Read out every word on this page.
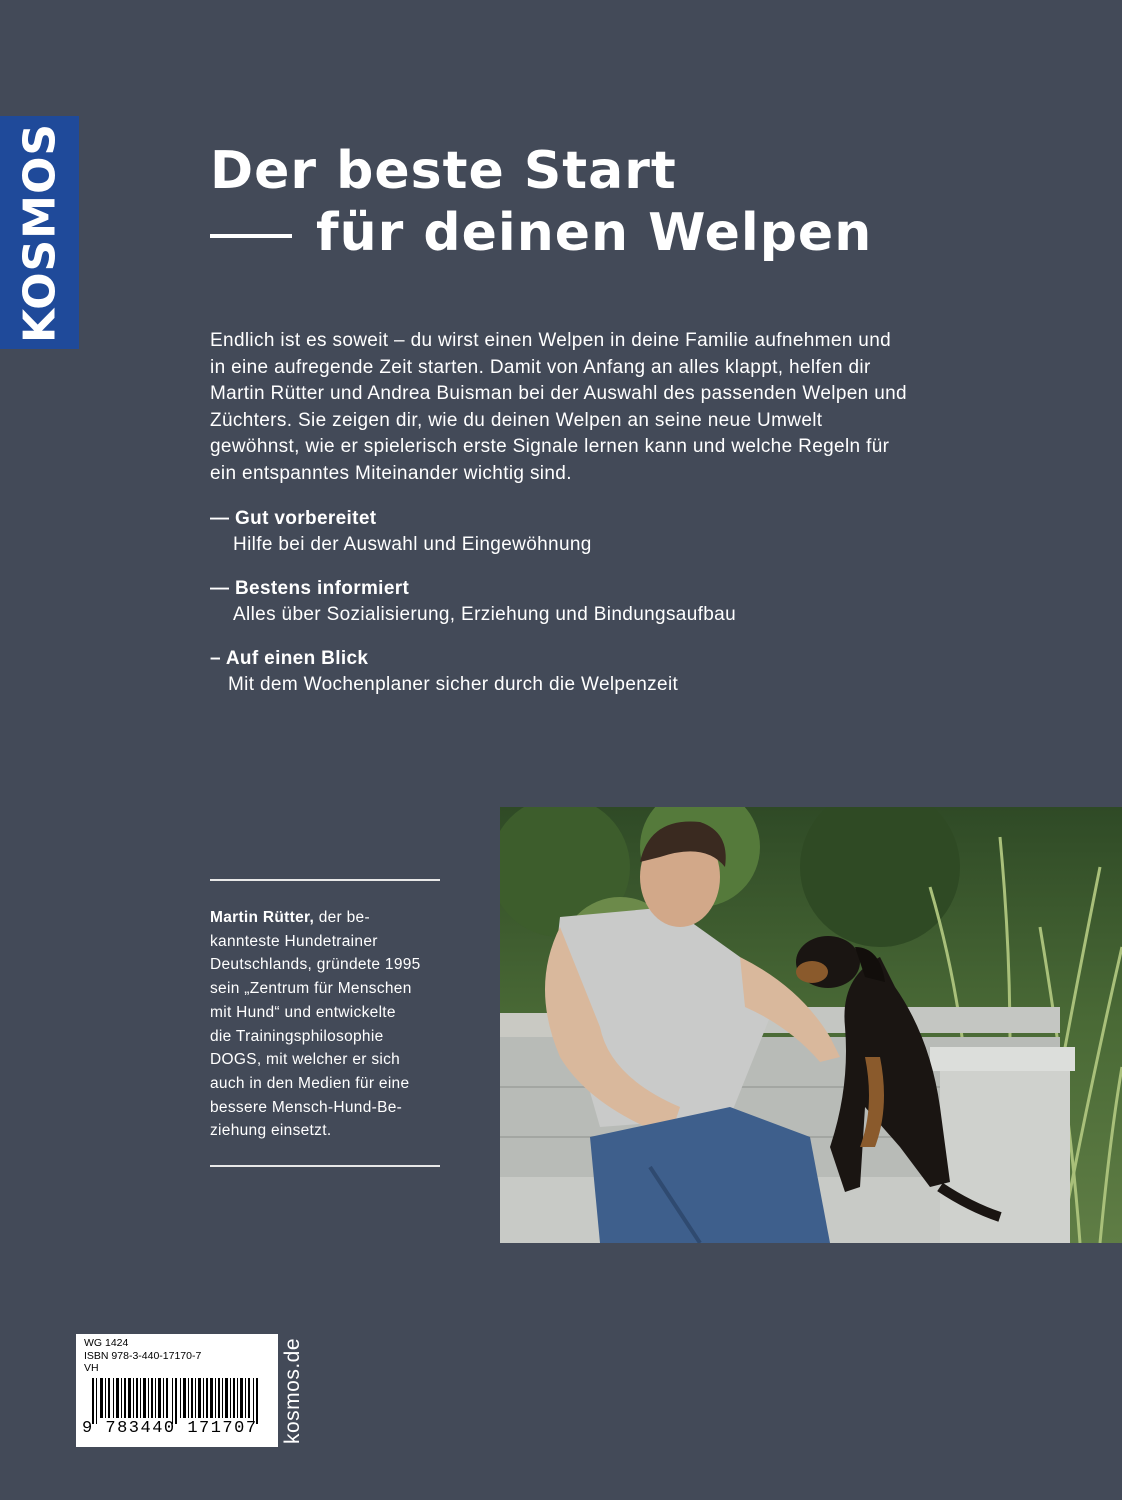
KOSMOS	Der beste Start
für deinen Welpen

Endlich ist es soweit – du wirst einen Welpen in deine Familie aufnehmen und in eine aufregende Zeit starten. Damit von Anfang an alles klappt, helfen dir Martin Rütter und Andrea Buisman bei der Auswahl des passenden Welpen und Züchters. Sie zeigen dir, wie du deinen Welpen an seine neue Umwelt gewöhnst, wie er spielerisch erste Signale lernen kann und welche Regeln für ein entspanntes Miteinander wichtig sind.

— Gut vorbereitet
Hilfe bei der Auswahl und Eingewöhnung
— Bestens informiert
Alles über Sozialisierung, Erziehung und Bindungsaufbau
– Auf einen Blick
Mit dem Wochenplaner sicher durch die Welpenzeit

Martin Rütter, der be-
kannteste Hundetrainer
Deutschlands, gründete 1995
sein „Zentrum für Menschen
mit Hund“ und entwickelte
die Trainingsphilosophie
DOGS, mit welcher er sich
auch in den Medien für eine
bessere Mensch-Hund-Be-
ziehung einsetzt.

WG 1424
ISBN 978-3-440-17170-7
VH
9 783440 171707	kosmos.de
